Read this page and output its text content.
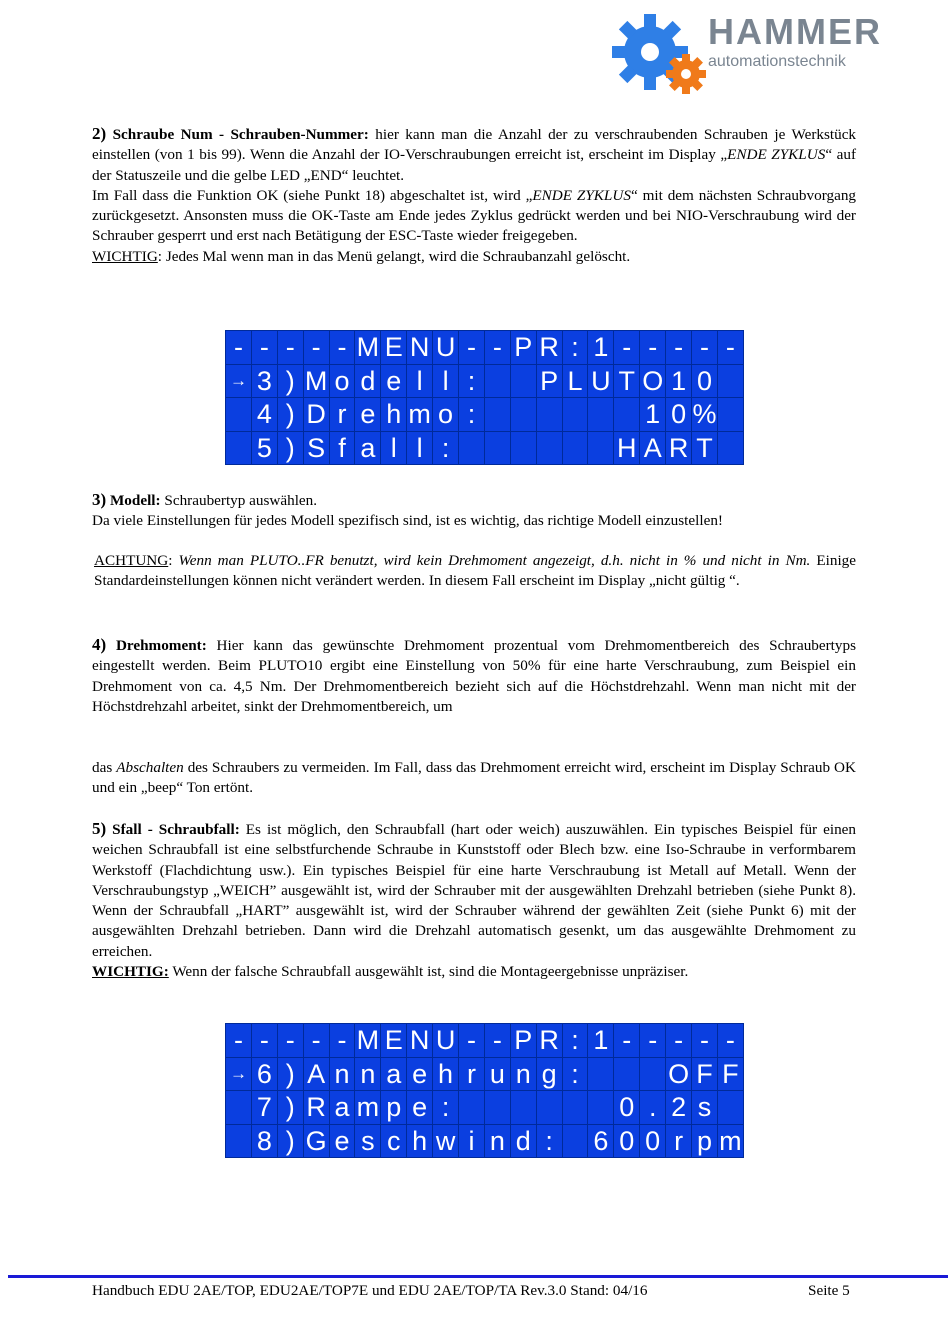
HAMMER
automationstechnik

2) Schraube Num - Schrauben-Nummer: hier kann man die Anzahl der zu verschraubenden Schrauben je Werkstück einstellen (von 1 bis 99). Wenn die Anzahl der IO-Verschraubungen erreicht ist, erscheint im Display „ENDE ZYKLUS“ auf der Statuszeile und die gelbe LED „END“ leuchtet.

Im Fall dass die Funktion OK (siehe Punkt 18) abgeschaltet ist, wird „ENDE ZYKLUS“ mit dem nächsten Schraubvorgang zurückgesetzt. Ansonsten muss die OK-Taste am Ende jedes Zyklus gedrückt werden und bei NIO-Verschraubung wird der Schrauber gesperrt und erst nach Betätigung der ESC-Taste wieder freigegeben.

WICHTIG: Jedes Mal wenn man in das Menü gelangt, wird die Schraubanzahl gelöscht.

-	-	-	-	-	M	E	N	U	-	-	P	R	:	1	-	-	-	-	-
→	3	)	M	o	d	e	l	l	:			P	L	U	T	O	1	0	
	4	)	D	r	e	h	m	o	:							1	0	%	
	5	)	S	f	a	l	l	:							H	A	R	T	

3) Modell: Schraubertyp auswählen.

Da viele Einstellungen für jedes Modell spezifisch sind, ist es wichtig, das richtige Modell einzustellen!

ACHTUNG: Wenn man PLUTO..FR benutzt, wird kein Drehmoment angezeigt, d.h. nicht in % und nicht in Nm. Einige Standardeinstellungen können nicht verändert werden. In diesem Fall erscheint im Display „nicht gültig “.

4) Drehmoment: Hier kann das gewünschte Drehmoment prozentual vom Drehmomentbereich des Schraubertyps eingestellt werden. Beim PLUTO10 ergibt eine Einstellung von 50% für eine harte Verschraubung, zum Beispiel ein Drehmoment von ca. 4,5 Nm. Der Drehmomentbereich bezieht sich auf die Höchstdrehzahl. Wenn man nicht mit der Höchstdrehzahl arbeitet, sinkt der Drehmomentbereich, um

das Abschalten des Schraubers zu vermeiden. Im Fall, dass das Drehmoment erreicht wird, erscheint im Display Schraub OK und ein „beep“ Ton ertönt.

5) Sfall - Schraubfall: Es ist möglich, den Schraubfall (hart oder weich) auszuwählen. Ein typisches Beispiel für einen weichen Schraubfall ist eine selbstfurchende Schraube in Kunststoff oder Blech bzw. eine Iso-Schraube in verformbarem Werkstoff (Flachdichtung usw.). Ein typisches Beispiel für eine harte Verschraubung ist Metall auf Metall. Wenn der Verschraubungstyp „WEICH” ausgewählt ist, wird der Schrauber mit der ausgewählten Drehzahl betrieben (siehe Punkt 8). Wenn der Schraubfall „HART” ausgewählt ist, wird der Schrauber während der gewählten Zeit (siehe Punkt 6) mit der ausgewählten Drehzahl betrieben. Dann wird die Drehzahl automatisch gesenkt, um das ausgewählte Drehmoment zu erreichen.

WICHTIG: Wenn der falsche Schraubfall ausgewählt ist, sind die Montageergebnisse unpräziser.

-	-	-	-	-	M	E	N	U	-	-	P	R	:	1	-	-	-	-	-
→	6	)	A	n	n	a	e	h	r	u	n	g	:				O	F	F
	7	)	R	a	m	p	e	:							0	.	2	s	
	8	)	G	e	s	c	h	w	i	n	d	:		6	0	0	r	p	m
Handbuch EDU 2AE/TOP, EDU2AE/TOP7E und EDU 2AE/TOP/TA Rev.3.0 Stand: 04/16	Seite 5
